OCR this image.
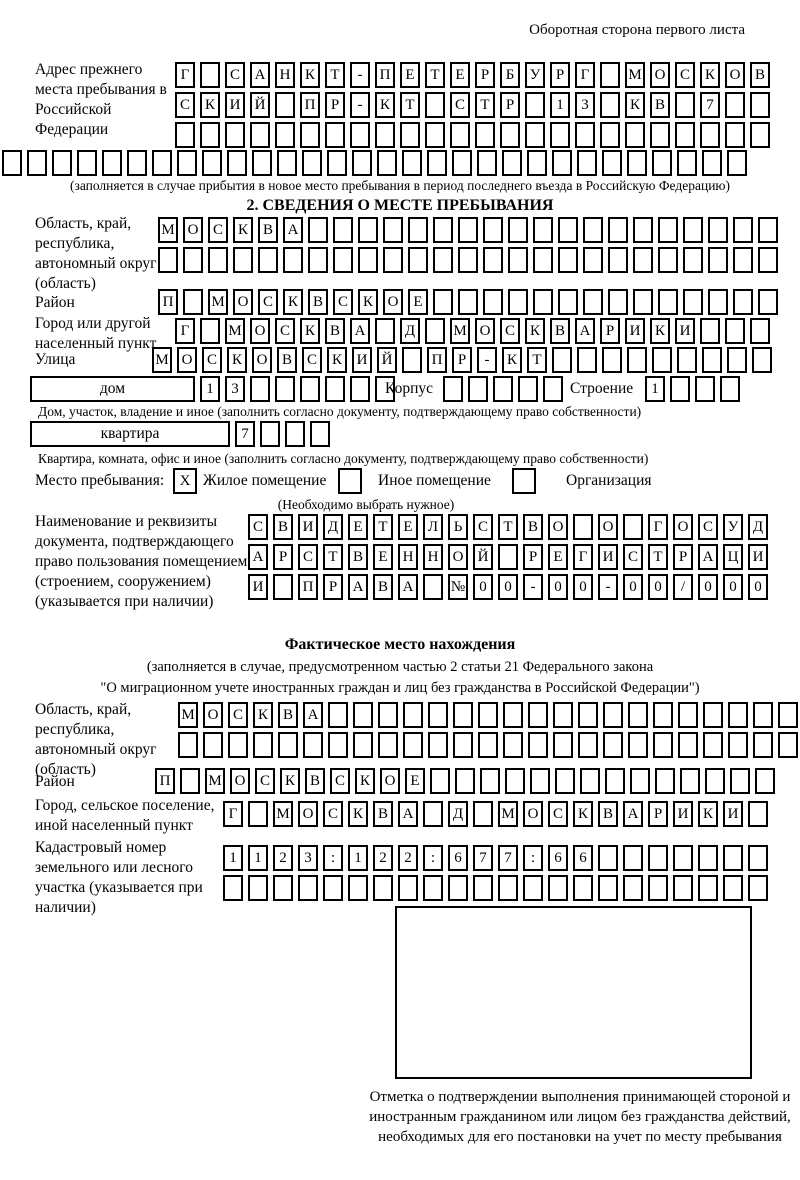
Оборотная сторона первого листа
Адрес прежнего места пребывания в Российской Федерации
Г	С А Н К	Т	-	П Е	Т	Е	Р	Б	У	Р	Г	М О С К О В
С К И Й	П	Р	-	К	Т	С	Т	Р	1	3	К В	7
(заполняется в случае прибытия в новое место пребывания в период последнего въезда в Российскую Федерацию)
2. СВЕДЕНИЯ О МЕСТЕ ПРЕБЫВАНИЯ
Область, край, республика, автономный округ (область)
М О С К В А
Район	П	М О С К В С К О Е
Город или другой населенный пункт
Г	М О С К В А	Д	М О С К В А	Р	И К И
Улица	М О С К О В С К И Й	П	Р	-	К	Т
дом	1	3	Корпус	Строение	1
Дом, участок, владение и иное (заполнить согласно документу, подтверждающему право собственности)
квартира	7
Квартира, комната, офис и иное (заполнить согласно документу, подтверждающему право собственности)
Место пребывания:	X Жилое помещение	Иное помещение	Организация
(Необходимо выбрать нужное)
Наименование и реквизиты документа, подтверждающего право пользования помещением (строением, сооружением) (указывается при наличии)
С В И Д	Е	Т	Е	Л	Ь	С	Т	В О	О	Г	О С У Д
А	Р	С	Т	В	Е	Н Н О Й	Р	Е	Г	И С	Т	Р	А Ц И
И	П	Р	А В А	№ 0	0	-	0	0	-	0	0	/	0	0	0
Фактическое место нахождения
(заполняется в случае, предусмотренном частью 2 статьи 21 Федерального закона
"О миграционном учете иностранных граждан и лиц без гражданства в Российской Федерации")
Область, край, республика, автономный округ (область)
М О С К В А
Район	П	М О С К В С К О Е
Город, сельское поселение, иной населенный пункт
Г	М О С К В А	Д	М О С К В А	Р	И К И
Кадастровый номер земельного или лесного участка (указывается при наличии)
1	1	2	3	:	1	2	2	:	6	7	7	:	6	6
Отметка о подтверждении выполнения принимающей стороной и иностранным гражданином или лицом без гражданства действий, необходимых для его постановки на учет по месту пребывания
